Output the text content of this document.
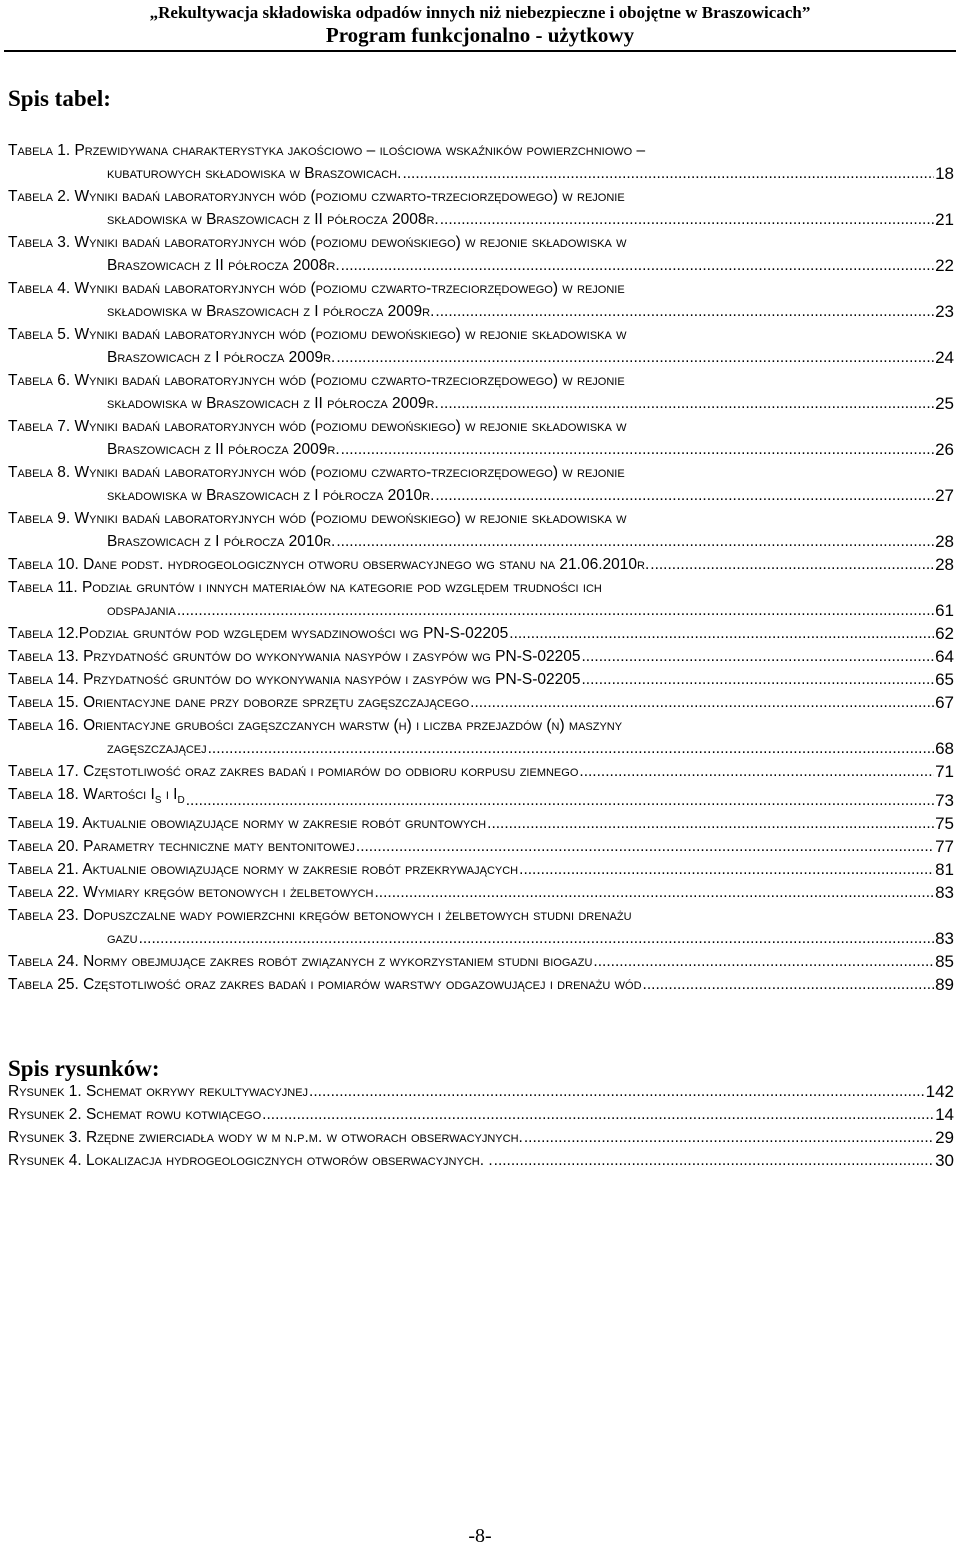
„Rekultywacja składowiska odpadów innych niż niebezpieczne i obojętne w Braszowicach”
Program funkcjonalno - użytkowy
Spis tabel:
Tabela 1. Przewidywana charakterystyka jakościowo – ilościowa wskaźników powierzchniowo –
kubaturowych składowiska w Braszowicach. .....	18
Tabela 2. Wyniki badań laboratoryjnych wód (poziomu czwarto-trzeciorzędowego) w rejonie
składowiska w Braszowicach z II półrocza 2008r. .....	21
Tabela 3. Wyniki badań laboratoryjnych wód (poziomu dewońskiego) w rejonie składowiska w
Braszowicach z II półrocza 2008r. .....	22
Tabela 4. Wyniki badań laboratoryjnych wód (poziomu czwarto-trzeciorzędowego) w rejonie
składowiska w Braszowicach z I półrocza 2009r. .....	23
Tabela 5. Wyniki badań laboratoryjnych wód (poziomu dewońskiego) w rejonie składowiska w
Braszowicach z I półrocza 2009r. .....	24
Tabela 6. Wyniki badań laboratoryjnych wód (poziomu czwarto-trzeciorzędowego) w rejonie
składowiska w Braszowicach z II półrocza 2009r. .....	25
Tabela 7. Wyniki badań laboratoryjnych wód (poziomu dewońskiego) w rejonie składowiska w
Braszowicach z II półrocza 2009r. .....	26
Tabela 8. Wyniki badań laboratoryjnych wód (poziomu czwarto-trzeciorzędowego) w rejonie
składowiska w Braszowicach z I półrocza 2010r. .....	27
Tabela 9. Wyniki badań laboratoryjnych wód (poziomu dewońskiego) w rejonie składowiska w
Braszowicach z I półrocza 2010r. .....	28
Tabela 10. Dane podst. hydrogeologicznych otworu obserwacyjnego wg stanu na 21.06.2010r. .....	28
Tabela 11. Podział gruntów i innych materiałów na kategorie pod względem trudności ich
odspajania .....	61
Tabela 12.Podział gruntów pod względem wysadzinowości wg PN-S-02205 .....	62
Tabela 13. Przydatność gruntów do wykonywania nasypów i zasypów wg PN-S-02205 .....	64
Tabela 14. Przydatność gruntów do wykonywania nasypów i zasypów wg PN-S-02205 .....	65
Tabela 15. Orientacyjne dane przy doborze sprzętu zagęszczającego .....	67
Tabela 16. Orientacyjne grubości zagęszczanych warstw (h) i liczba przejazdów (n) maszyny
zagęszczającej .....	68
Tabela 17. Częstotliwość oraz zakres badań i pomiarów do odbioru korpusu ziemnego .....	71
Tabela 18. Wartości $I_S$ i $I_D$ .....	73
Tabela 19. Aktualnie obowiązujące normy w zakresie robót gruntowych .....	75
Tabela 20. Parametry techniczne maty bentonitowej .....	77
Tabela 21. Aktualnie obowiązujące normy w zakresie robót przekrywających .....	81
Tabela 22. Wymiary kręgów betonowych i żelbetowych .....	83
Tabela 23. Dopuszczalne wady powierzchni kręgów betonowych i żelbetowych studni drenażu
gazu .....	83
Tabela 24. Normy obejmujące zakres robót związanych z wykorzystaniem studni biogazu .....	85
Tabela 25. Częstotliwość oraz zakres badań i pomiarów warstwy odgazowującej i drenażu wód .....	89
Spis rysunków:
Rysunek 1. Schemat okrywy rekultywacyjnej .....	142
Rysunek 2. Schemat rowu kotwiącego .....	14
Rysunek 3. Rzędne zwierciadła wody w m n.p.m. w otworach obserwacyjnych. .....	29
Rysunek 4. Lokalizacja hydrogeologicznych otworów obserwacyjnych. . .....	30
-8-
